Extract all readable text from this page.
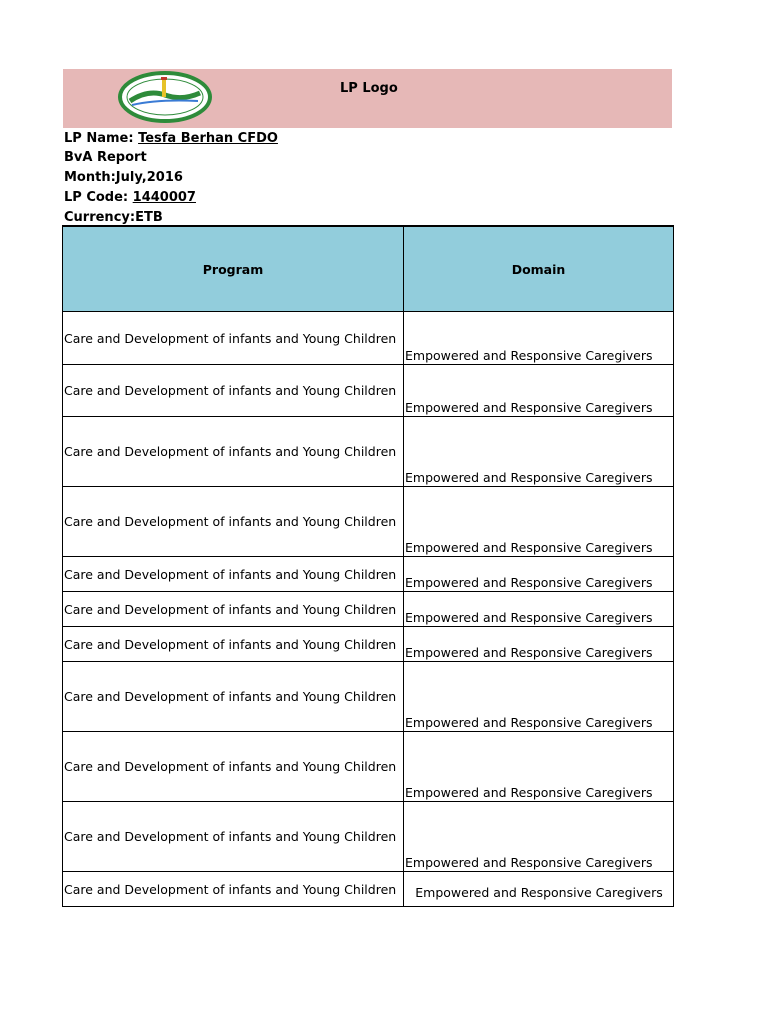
LP Logo
LP Name: Tesfa Berhan CFDO
BvA Report
Month:July,2016
LP Code: 1440007
Currency:ETB
Program	Domain
Care and Development of infants and Young Children	Empowered and Responsive Caregivers
Care and Development of infants and Young Children	Empowered and Responsive Caregivers
Care and Development of infants and Young Children	Empowered and Responsive Caregivers
Care and Development of infants and Young Children	Empowered and Responsive Caregivers
Care and Development of infants and Young Children	Empowered and Responsive Caregivers
Care and Development of infants and Young Children	Empowered and Responsive Caregivers
Care and Development of infants and Young Children	Empowered and Responsive Caregivers
Care and Development of infants and Young Children	Empowered and Responsive Caregivers
Care and Development of infants and Young Children	Empowered and Responsive Caregivers
Care and Development of infants and Young Children	Empowered and Responsive Caregivers
Care and Development of infants and Young Children	Empowered and Responsive Caregivers
